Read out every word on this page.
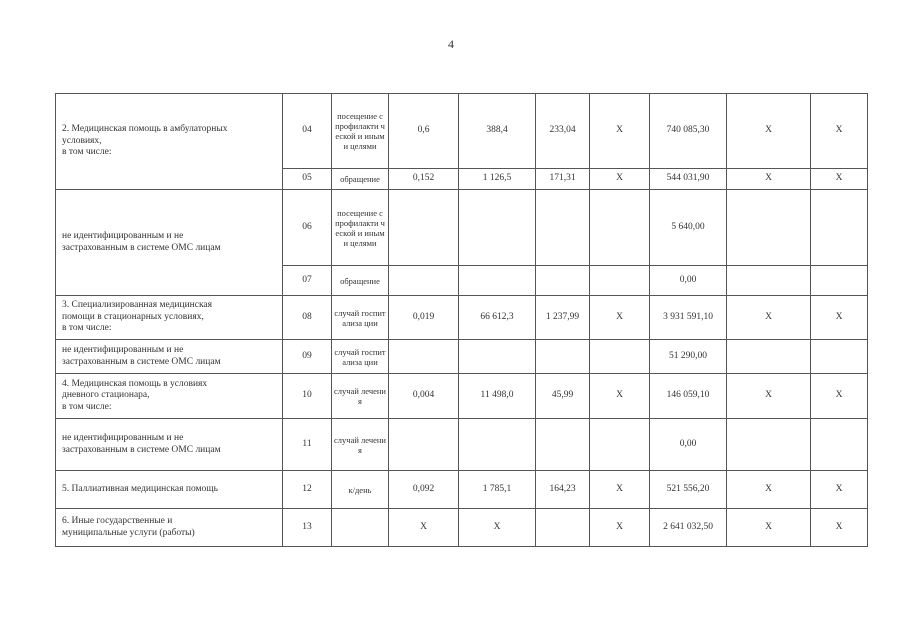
4
2. Медицинская помощь в амбулаторных
условиях,
в том числе:	04	посещение с профилакти ческой и иными целями	0,6	388,4	233,04	X	740 085,30	X	X
	05	обращение	0,152	1 126,5	171,31	X	544 031,90	X	X
не идентифицированным и не
застрахованным в системе ОМС лицам	06	посещение с профилакти ческой и иными целями					5 640,00		
	07	обращение					0,00		
3. Специализированная медицинская
помощи в стационарных условиях,
в том числе:	08	случай госпитализа ции	0,019	66 612,3	1 237,99	X	3 931 591,10	X	X
не идентифицированным и не
застрахованным в системе ОМС лицам	09	случай госпитализа ции					51 290,00		
4. Медицинская помощь в условиях
дневного стационара,
в том числе:	10	случай лечения	0,004	11 498,0	45,99	X	146 059,10	X	X
не идентифицированным и не
застрахованным в системе ОМС лицам	11	случай лечения					0,00		
5. Паллиативная медицинская помощь	12	к/день	0,092	1 785,1	164,23	X	521 556,20	X	X
6. Иные государственные и
муниципальные услуги (работы)	13		X	X		X	2 641 032,50	X	X
